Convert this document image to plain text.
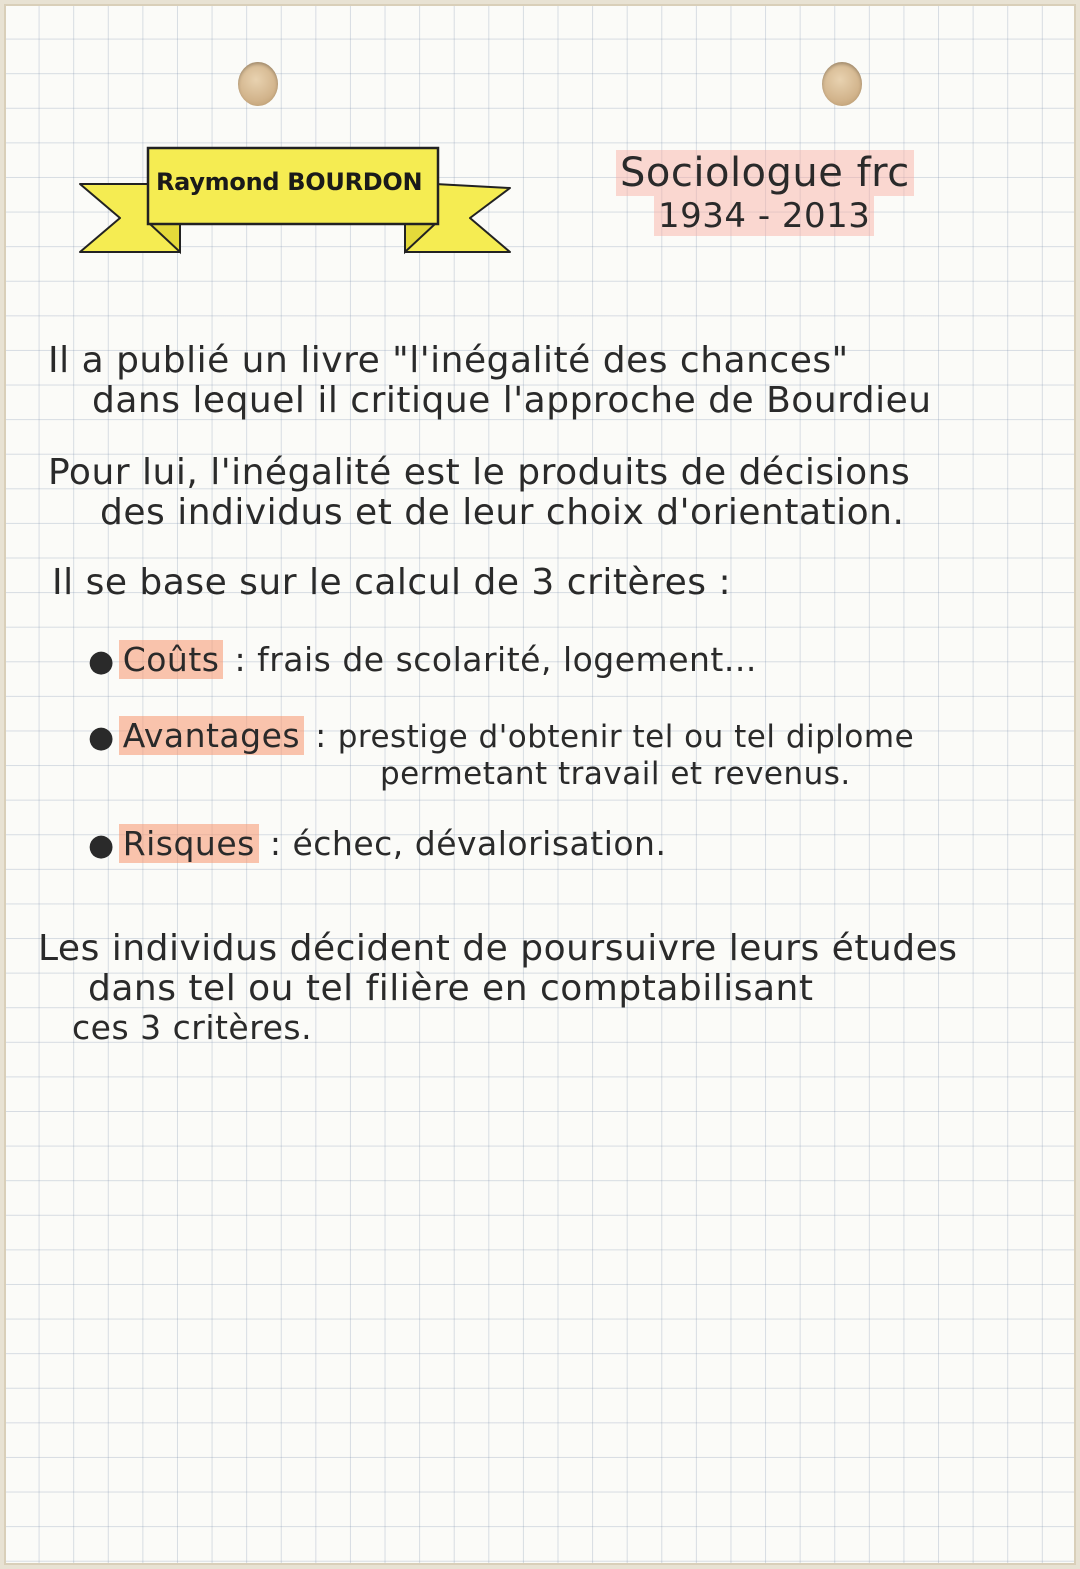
Raymond BOURDON	Sociologue frc
1934 - 2013
Il a publié un livre "l'inégalité des chances"
dans lequel il critique l'approche de Bourdieu
Pour lui, l'inégalité est le produits de décisions
des individus et de leur choix d'orientation.
Il se base sur le calcul de 3 critères :
● Coûts : frais de scolarité, logement...
● Avantages : prestige d'obtenir tel ou tel diplome
permetant travail et revenus.
● Risques : échec, dévalorisation.
Les individus décident de poursuivre leurs études
dans tel ou tel filière en comptabilisant
ces 3 critères.
